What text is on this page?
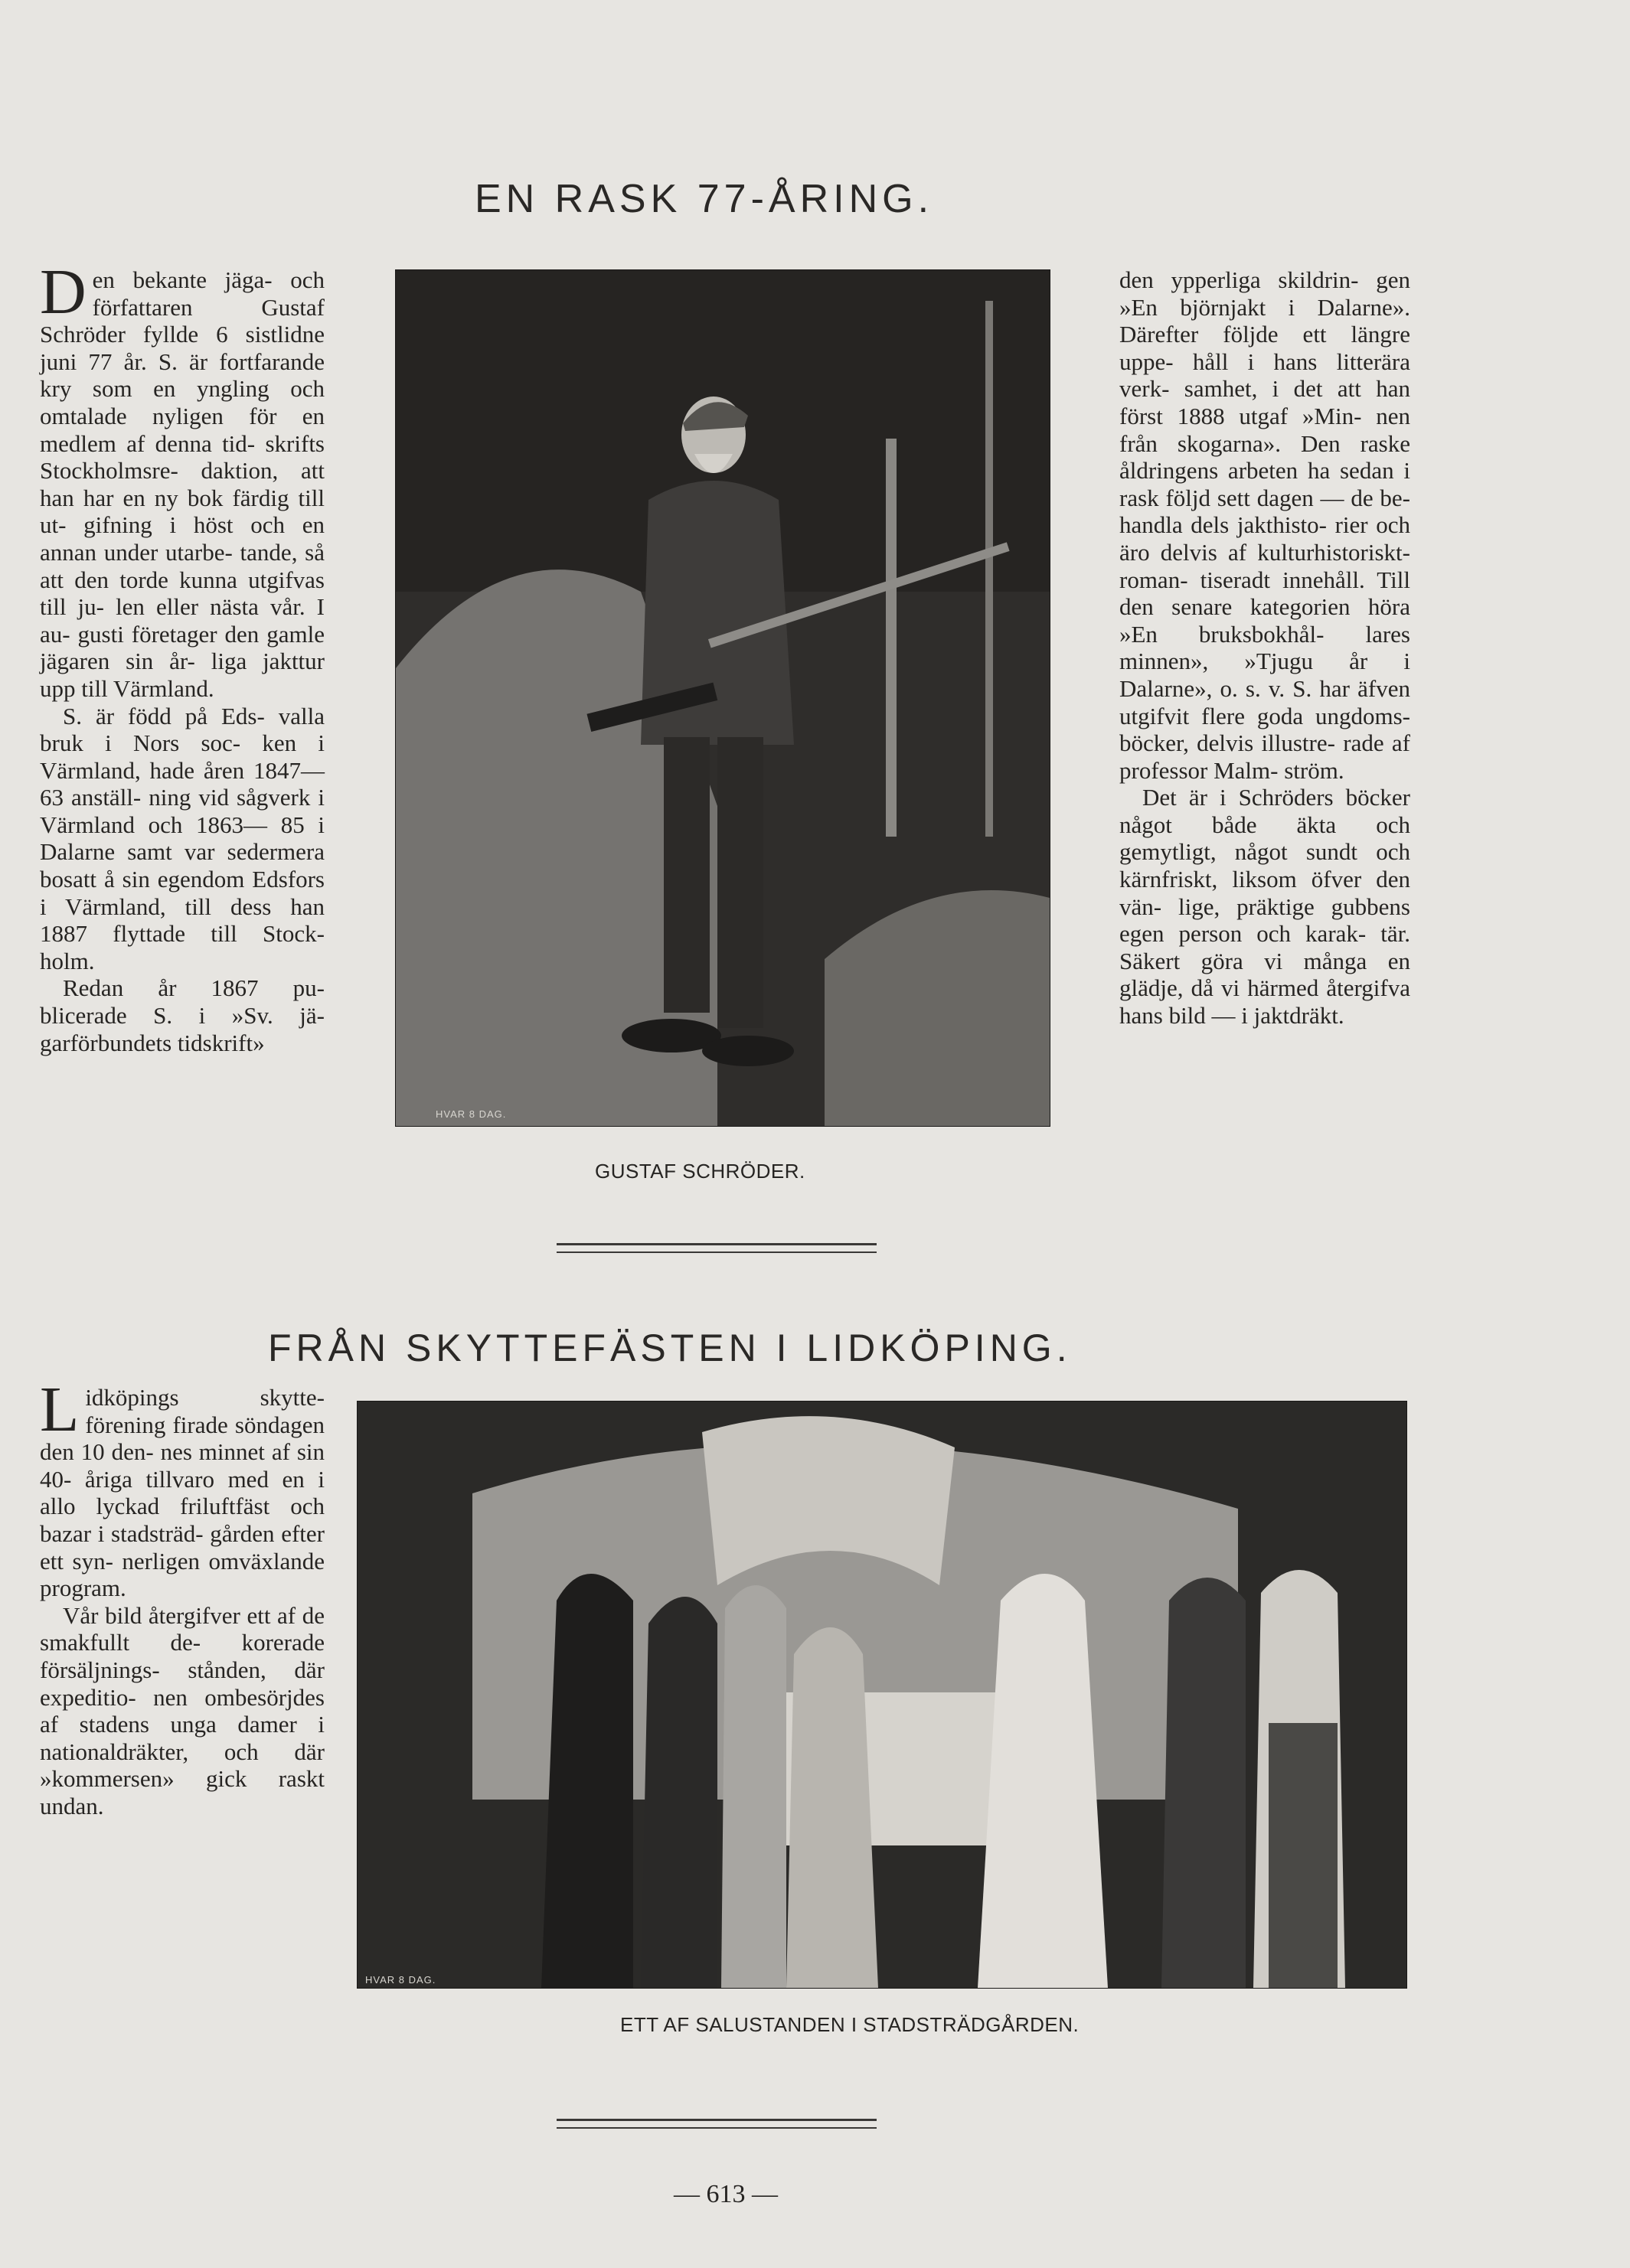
EN RASK 77-ÅRING.

Den bekante jäga- och författaren Gustaf Schröder fyllde 6 sistlidne juni 77 år. S. är fortfarande kry som en yngling och omtalade nyligen för en medlem af denna tid- skrifts Stockholmsre- daktion, att han har en ny bok färdig till ut- gifning i höst och en annan under utarbe- tande, så att den torde kunna utgifvas till ju- len eller nästa vår. I au- gusti företager den gamle jägaren sin år- liga jakttur upp till Värmland.

S. är född på Eds- valla bruk i Nors soc- ken i Värmland, hade åren 1847—63 anställ- ning vid sågverk i Värmland och 1863— 85 i Dalarne samt var sedermera bosatt å sin egendom Edsfors i Värmland, till dess han 1887 flyttade till Stock- holm.

Redan år 1867 pu- blicerade S. i »Sv. jä- garförbundets tidskrift»

HVAR 8 DAG.
GUSTAF SCHRÖDER.

den ypperliga skildrin- gen »En björnjakt i Dalarne». Därefter följde ett längre uppe- håll i hans litterära verk- samhet, i det att han först 1888 utgaf »Min- nen från skogarna». Den raske åldringens arbeten ha sedan i rask följd sett dagen — de be- handla dels jakthisto- rier och äro delvis af kulturhistoriskt-roman- tiseradt innehåll. Till den senare kategorien höra »En bruksbokhål- lares minnen», »Tjugu år i Dalarne», o. s. v. S. har äfven utgifvit flere goda ungdoms- böcker, delvis illustre- rade af professor Malm- ström.

Det är i Schröders böcker något både äkta och gemytligt, något sundt och kärnfriskt, liksom öfver den vän- lige, präktige gubbens egen person och karak- tär. Säkert göra vi många en glädje, då vi härmed återgifva hans bild — i jaktdräkt.

FRÅN SKYTTEFÄSTEN I LIDKÖPING.

Lidköpings skytte- förening firade söndagen den 10 den- nes minnet af sin 40- åriga tillvaro med en i allo lyckad friluftfäst och bazar i stadsträd- gården efter ett syn- nerligen omväxlande program.

Vår bild återgifver ett af de smakfullt de- korerade försäljnings- stånden, där expeditio- nen ombesörjdes af stadens unga damer i nationaldräkter, och där »kommersen» gick raskt undan.

HVAR 8 DAG.
ETT AF SALUSTANDEN I STADSTRÄDGÅRDEN.
— 613 —
